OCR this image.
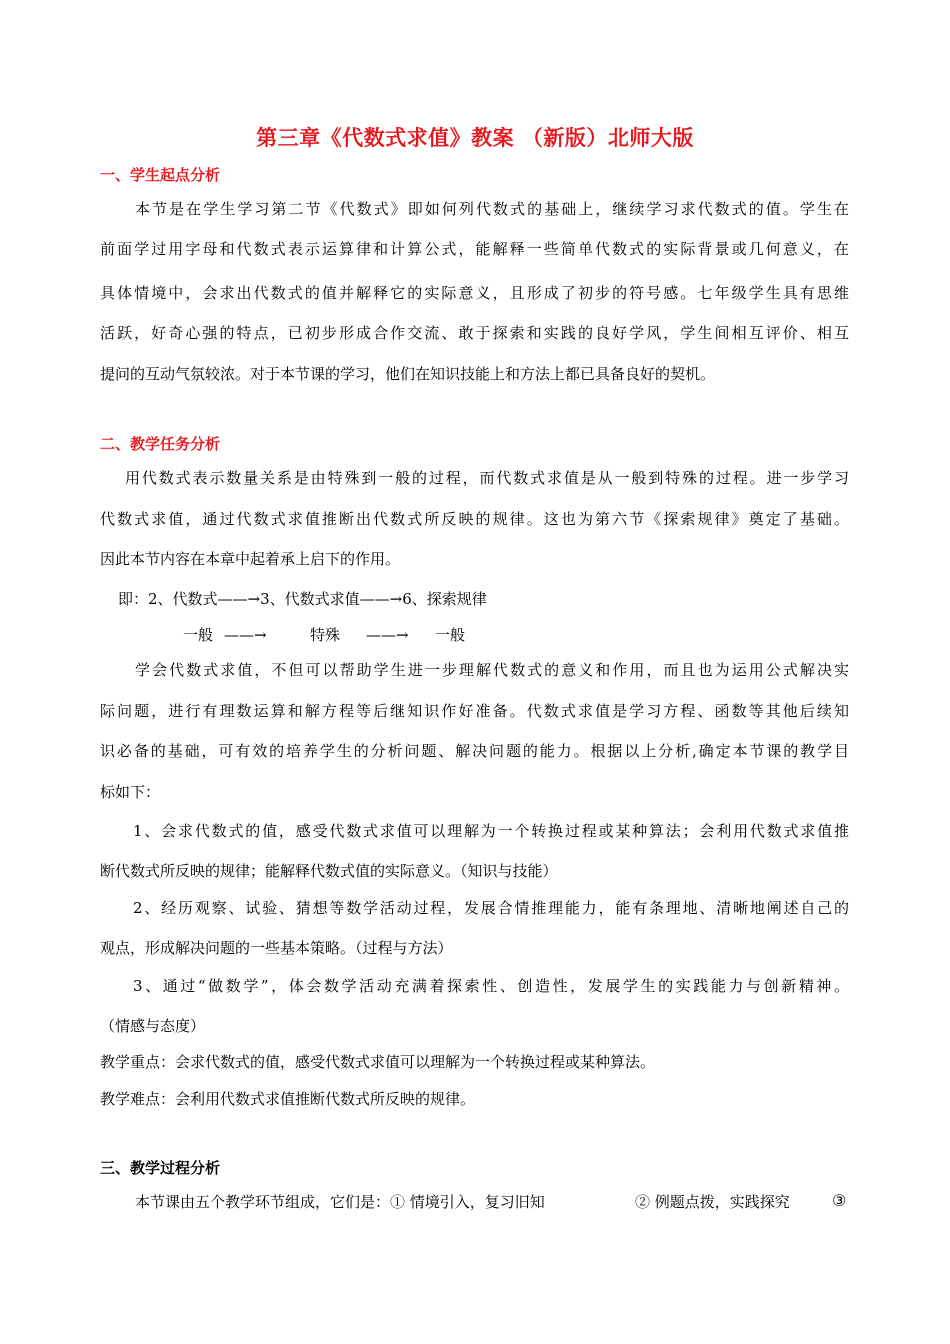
第三章《代数式求值》教案 （新版）北师大版
一、学生起点分析
本节是在学生学习第二节《代数式》即如何列代数式的基础上，继续学习求代数式的值。学生在
前面学过用字母和代数式表示运算律和计算公式，能解释一些简单代数式的实际背景或几何意义，在
具体情境中，会求出代数式的值并解释它的实际意义，且形成了初步的符号感。七年级学生具有思维
活跃，好奇心强的特点，已初步形成合作交流、敢于探索和实践的良好学风，学生间相互评价、相互
提问的互动气氛较浓。对于本节课的学习，他们在知识技能上和方法上都已具备良好的契机。
二、教学任务分析
用代数式表示数量关系是由特殊到一般的过程，而代数式求值是从一般到特殊的过程。进一步学习
代数式求值，通过代数式求值推断出代数式所反映的规律。这也为第六节《探索规律》奠定了基础。
因此本节内容在本章中起着承上启下的作用。
即：2、代数式——→3、代数式求值——→6、探索规律
一般 ——→	特殊 ——→ 一般
学会代数式求值，不但可以帮助学生进一步理解代数式的意义和作用，而且也为运用公式解决实
际问题，进行有理数运算和解方程等后继知识作好准备。代数式求值是学习方程、函数等其他后续知
识必备的基础，可有效的培养学生的分析问题、解决问题的能力。根据以上分析,确定本节课的教学目
标如下：
1、会求代数式的值，感受代数式求值可以理解为一个转换过程或某种算法；会利用代数式求值推
断代数式所反映的规律；能解释代数式值的实际意义。（知识与技能）
2、经历观察、试验、猜想等数学活动过程，发展合情推理能力，能有条理地、清晰地阐述自己的
观点，形成解决问题的一些基本策略。（过程与方法）
3、通过“做数学”，体会数学活动充满着探索性、创造性，发展学生的实践能力与创新精神。
（情感与态度）
教学重点：会求代数式的值，感受代数式求值可以理解为一个转换过程或某种算法。
教学难点：会利用代数式求值推断代数式所反映的规律。
三、教学过程分析
本节课由五个教学环节组成，它们是：① 情境引入，复习旧知	② 例题点拨，实践探究	③
